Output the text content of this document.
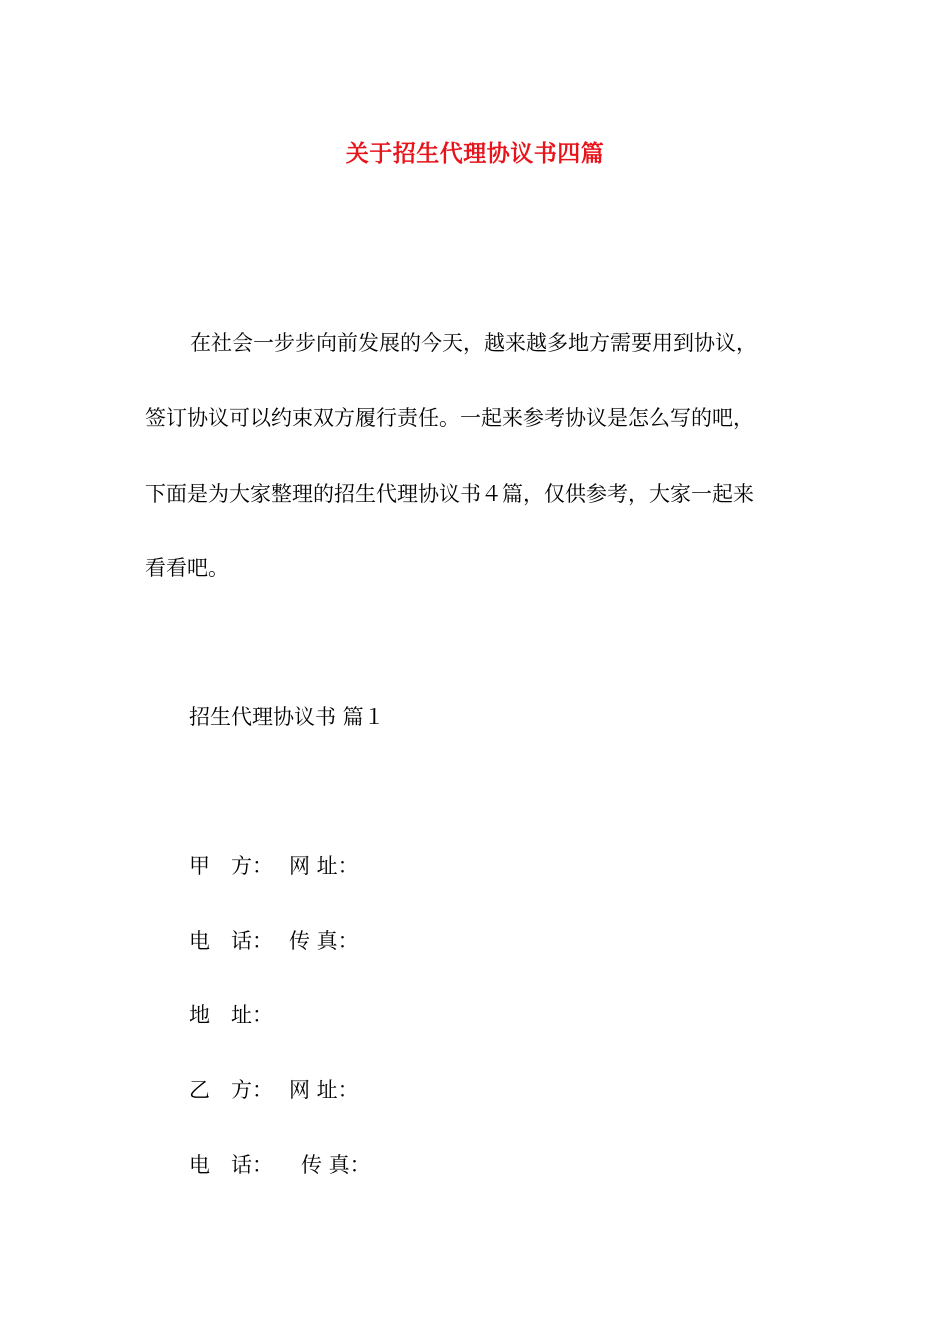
关于招生代理协议书四篇
在社会一步步向前发展的今天，越来越多地方需要用到协议，
签订协议可以约束双方履行责任。一起来参考协议是怎么写的吧，
下面是为大家整理的招生代理协议书４篇，仅供参考，大家一起来
看看吧。
招生代理协议书 篇１
甲　方： 网 址：
电　话： 传 真：
地　址：
乙　方： 网 址：
电　话： 传 真：
